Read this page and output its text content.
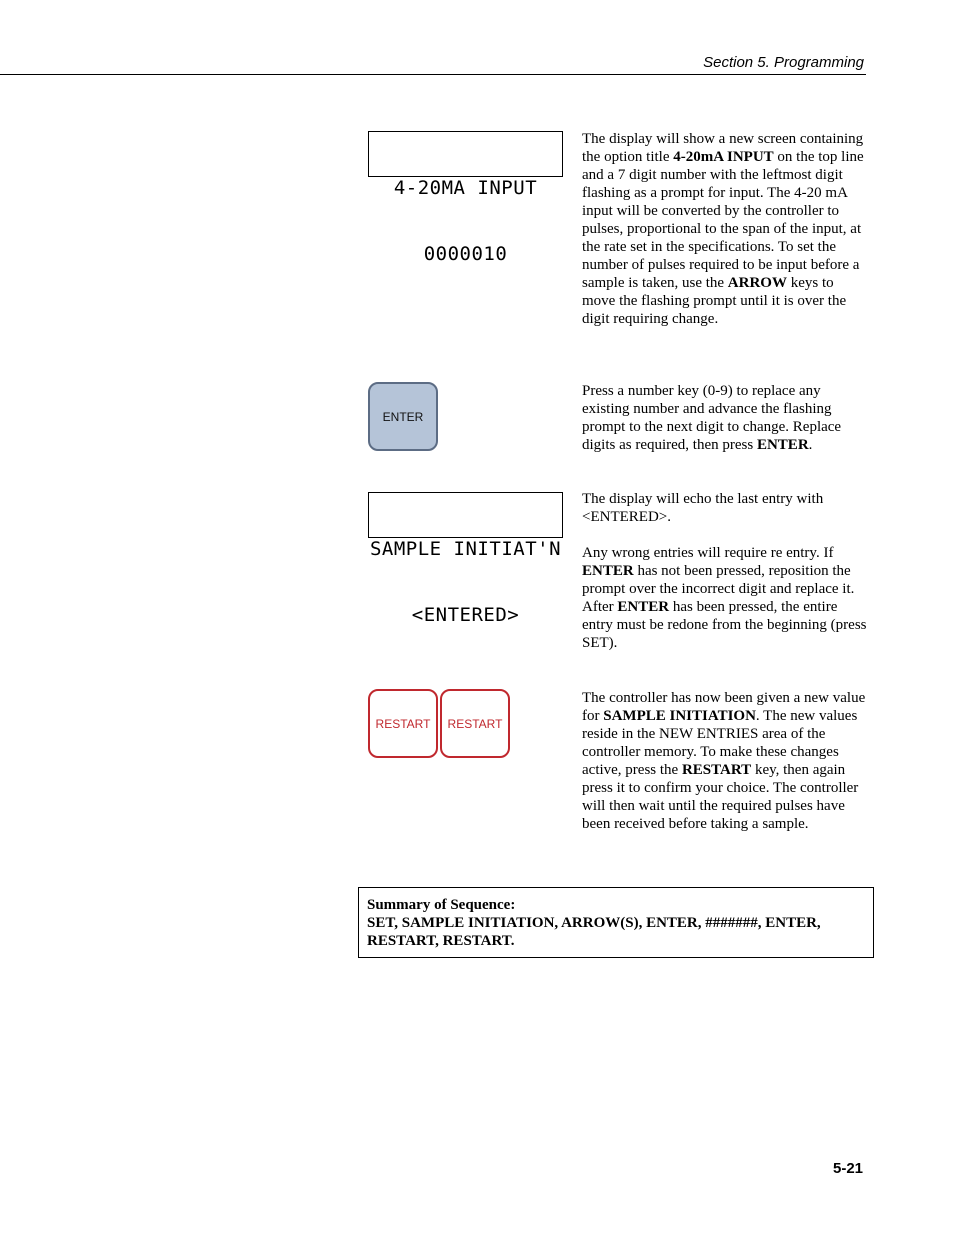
Section 5. Programming

4-20MA INPUT

0000010

The display will show a new screen containing the option title 4-20mA INPUT on the top line and a 7 digit number with the leftmost digit flashing as a prompt for input. The 4-20 mA input will be converted by the controller to pulses, proportional to the span of the input, at the rate set in the specifications. To set the number of pulses required to be input before a sample is taken, use the ARROW keys to move the flashing prompt until it is over the digit requiring change.
ENTER
Press a number key (0-9) to replace any existing number and advance the flashing prompt to the next digit to change. Replace digits as required, then press ENTER.

SAMPLE INITIAT'N

<ENTERED>

The display will echo the last entry with <ENTERED>.

Any wrong entries will require re entry. If ENTER has not been pressed, reposition the prompt over the incorrect digit and replace it. After ENTER has been pressed, the entire entry must be redone from the beginning (press SET).

RESTART	RESTART
The controller has now been given a new value for SAMPLE INITIATION. The new values reside in the NEW ENTRIES area of the controller memory. To make these changes active, press the RESTART key, then again press it to confirm your choice. The controller will then wait until the required pulses have been received before taking a sample.
Summary of Sequence:
SET, SAMPLE INITIATION, ARROW(S), ENTER, #######, ENTER, RESTART, RESTART.
5-21
